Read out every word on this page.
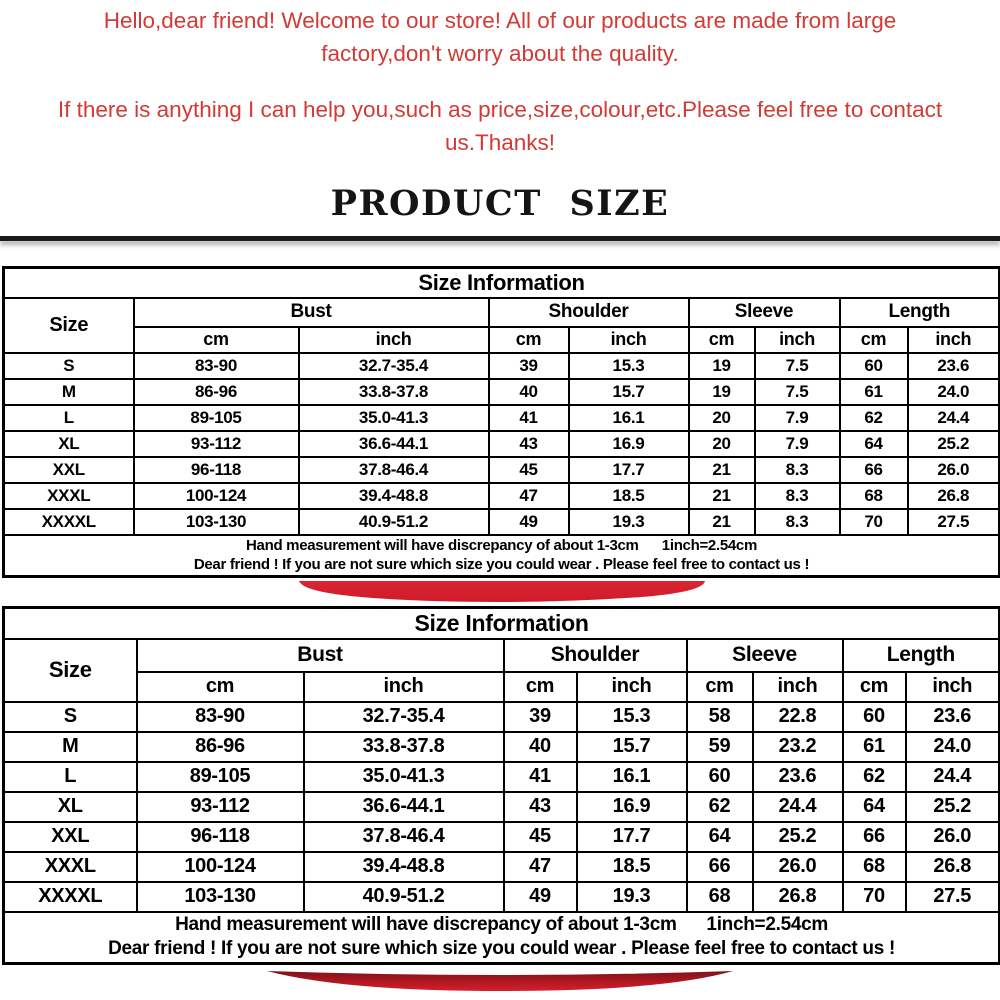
Hello,dear friend! Welcome to our store! All of our products are made from large factory,don't worry about the quality.

If there is anything I can help you,such as price,size,colour,etc.Please feel free to contact us.Thanks!

PRODUCT SIZE
Size Information								
Size	Bust		Shoulder		Sleeve		Length	
	cm	inch	cm	inch	cm	inch	cm	inch
S	83-90	32.7-35.4	39	15.3	19	7.5	60	23.6
M	86-96	33.8-37.8	40	15.7	19	7.5	61	24.0
L	89-105	35.0-41.3	41	16.1	20	7.9	62	24.4
XL	93-112	36.6-44.1	43	16.9	20	7.9	64	25.2
XXL	96-118	37.8-46.4	45	17.7	21	8.3	66	26.0
XXXL	100-124	39.4-48.8	47	18.5	21	8.3	68	26.8
XXXXL	103-130	40.9-51.2	49	19.3	21	8.3	70	27.5

Hand measurement will have discrepancy of about 1-3cm      1inch=2.54cm
Dear friend ! If you are not sure which size you could wear . Please feel free to contact us !								
Size Information								
Size	Bust		Shoulder		Sleeve		Length	
	cm	inch	cm	inch	cm	inch	cm	inch
S	83-90	32.7-35.4	39	15.3	58	22.8	60	23.6
M	86-96	33.8-37.8	40	15.7	59	23.2	61	24.0
L	89-105	35.0-41.3	41	16.1	60	23.6	62	24.4
XL	93-112	36.6-44.1	43	16.9	62	24.4	64	25.2
XXL	96-118	37.8-46.4	45	17.7	64	25.2	66	26.0
XXXL	100-124	39.4-48.8	47	18.5	66	26.0	68	26.8
XXXXL	103-130	40.9-51.2	49	19.3	68	26.8	70	27.5

Hand measurement will have discrepancy of about 1-3cm      1inch=2.54cm
Dear friend ! If you are not sure which size you could wear . Please feel free to contact us !								
